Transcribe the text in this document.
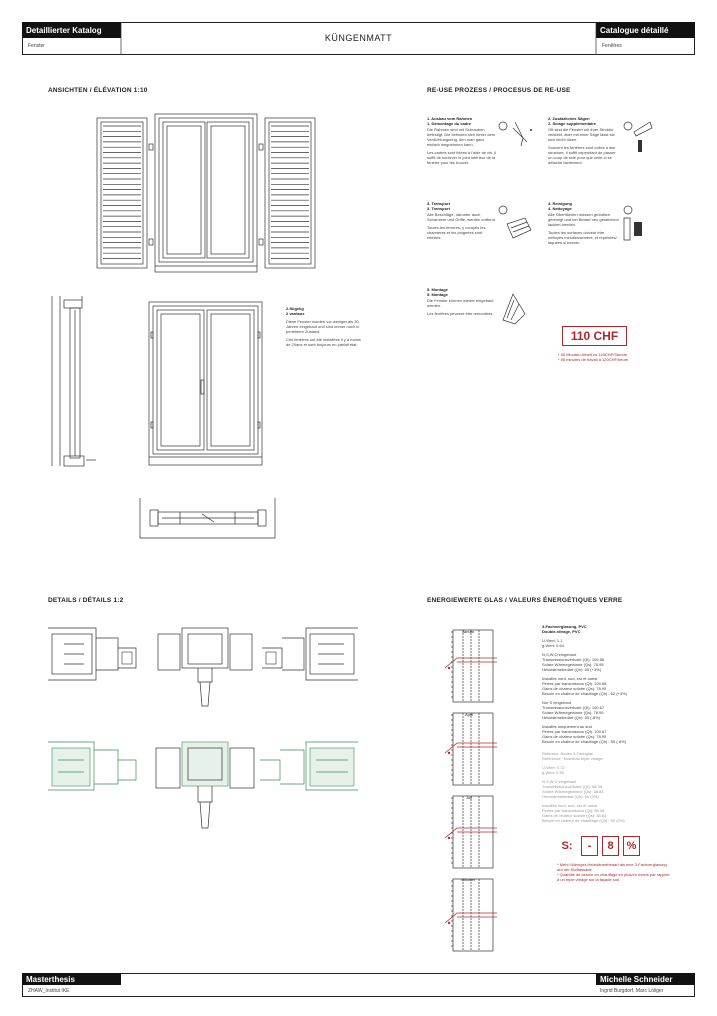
Detaillierter Katalog
Fenster
KÜNGENMATT
Catalogue détaillé
Fenêtres
ANSICHTEN / ÉLÉVATION 1:10	RE-USE PROZESS / PROCESUS DE RE-USE
DETAILS / DÉTAILS 1:2	ENERGIEWERTE GLAS / VALEURS ÉNERGÉTIQUES VERRE
2-flügelig
2 vantaux
Diese Fenster wurden vor weniger als 30 Jahren eingebaut und sind immer noch in perfektem Zustand.
Ces fenêtres ont été installées il y a moins de 20ans et sont toujours en parfait état.
1. Ausbau vom Rahmen
1. Démontage du cadre
Die Rahmen sind mit Schrauben befestigt. Die befinden sich hinter dem Verdichtungsring, den man ganz einfach wegnehmen kann.
Les cadres sont fixées à l'aide de vis. Il suffit de soulever le joint intérieur de la fenêtre pour les trouver.
2. Zusätzliches Sägen
2. Sciage supplémentaire
Oft sind die Fenster mit ihrer Struktur verklebt, aber mit einer Säge lässt sie sich leicht lösen.
Souvent les fenêtres sont collés à leur structure, il suffit cependant de passer un coup de scie pour que celle-ci se détache facilement.
3. Transport
3. Transport
Alle Beschläge, darunter auch Scharniere und Griffe, werden entfernt.
Toutes les ferrures, y compris les charnières et les poignées sont retirées.
4. Reinigung
4. Nettoyage
Alle Oberflächen müssen gründlich gereinigt und bei Bedarf neu gestrichen/ lackiert werden.
Toutes les surfaces doivent être nettoyés minutieusement, et repeintes/ laquées si besoin.
5. Montage
5. Montage
Die Fenster können wieder eingebaut werden.
Les fenêtres peuvent être remontées.
110 CHF
* 55 Minuten Arbeit zu 120CHF/Stunde
* 55 minutes de travail à 120CHF/heure
Januar
April
Juli
Oktober
3-Fachverglasung, PVC
Double-vitrage, PVC
U-Wert: 1.1
g-Wert: 0.64
N,S,W,O eingebaut
Transmissionsverluste (Qt): 109.88
Solare Wärmegewinne (Qs): 78.95
Heizwärmebedarf (Qh): 65 (+3%)
Installés nord, sud, est et ouest
Pertes par transmission (Qt): 109.88
Gains de chaleur solaire (Qs): 78.95
Besoin en chaleur de chauffage (Qh) : 62 (+3%)
Nur S eingebaut
Transmissionsverluste (Qt): 100.67
Solare Wärmegewinne (Qs): 78.95
Heizwärmebedarf (Qh): 55 (-8%)
Installés uniquement au sud
Pertes par transmission (Qt): 100.67
Gains de chaleur solaire (Qs): 78.95
Besoin en chaleur de chauffage (Qh) : 55 (-8%)
Referenz: Neues 3-Fachglas
Référence : Nouveau triple vitrage
U-Wert: 0.72
g-Wert: 0.50
N,S,W,O eingebaut
Transmissionsverluste (Qt): 98.36
Solare Wärmegewinne (Qs): 38.84
Heizwärmebedarf (Qh): 60 (0%)
Installés nord, sud, est et ouest
Pertes par transmission (Qt): 98.36
Gains de chaleur solaire (Qs): 38.84
Besoin en chaleur de chauffage (Qh) : 60 (0%)
S:	-	8	%
* Mehr-/Weniger-Heizwärmebedarf als eine 3-Fachverglasung auf der Südfassade
* Quantité de besoin en chauffage en plus/en moins par rapport à un triple vitrage sur la façade sud
Masterthesis
ZHAW_Institut IKE
Michelle Schneider
Ingrid Burgdorf, Marc Löliger
